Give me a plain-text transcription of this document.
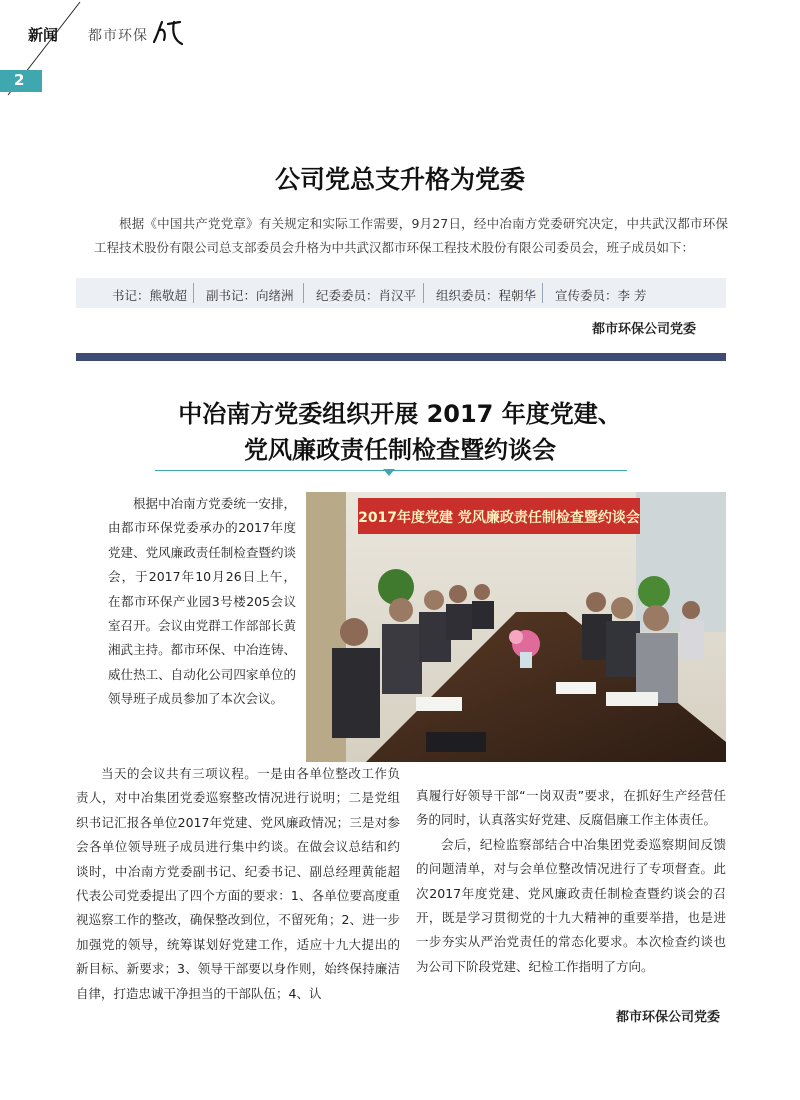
新闻 都市环保
2
公司党总支升格为党委
根据《中国共产党党章》有关规定和实际工作需要，9月27日，经中冶南方党委研究决定，中共武汉都市环保工程技术股份有限公司总支部委员会升格为中共武汉都市环保工程技术股份有限公司委员会，班子成员如下：
书记：熊敬超 副书记：向绪洲 纪委委员：肖汉平 组织委员：程朝华 宣传委员：李 芳
都市环保公司党委
中冶南方党委组织开展 2017 年度党建、
党风廉政责任制检查暨约谈会

根据中冶南方党委统一安排，由都市环保党委承办的2017年度党建、党风廉政责任制检查暨约谈会，于2017年10月26日上午，在都市环保产业园3号楼205会议室召开。会议由党群工作部部长黄湘武主持。都市环保、中冶连铸、威仕热工、自动化公司四家单位的领导班子成员参加了本次会议。

2017年度党建 党风廉政责任制检查暨约谈会

当天的会议共有三项议程。一是由各单位整改工作负责人，对中冶集团党委巡察整改情况进行说明；二是党组织书记汇报各单位2017年党建、党风廉政情况；三是对参会各单位领导班子成员进行集中约谈。在做会议总结和约谈时，中冶南方党委副书记、纪委书记、副总经理黄能超代表公司党委提出了四个方面的要求：1、各单位要高度重视巡察工作的整改，确保整改到位，不留死角；2、进一步加强党的领导，统筹谋划好党建工作，适应十九大提出的新目标、新要求；3、领导干部要以身作则，始终保持廉洁自律，打造忠诚干净担当的干部队伍；4、认

真履行好领导干部“一岗双责”要求，在抓好生产经营任务的同时，认真落实好党建、反腐倡廉工作主体责任。

会后，纪检监察部结合中冶集团党委巡察期间反馈的问题清单，对与会单位整改情况进行了专项督查。此次2017年度党建、党风廉政责任制检查暨约谈会的召开，既是学习贯彻党的十九大精神的重要举措，也是进一步夯实从严治党责任的常态化要求。本次检查约谈也为公司下阶段党建、纪检工作指明了方向。

都市环保公司党委
